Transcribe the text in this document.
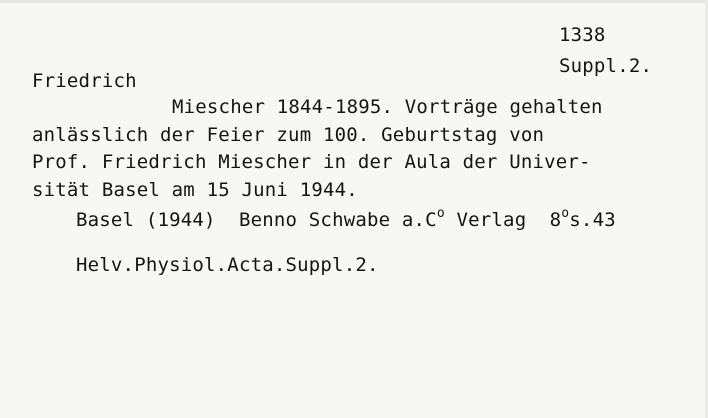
1338
Suppl.2.
Friedrich
Miescher 1844-1895. Vorträge gehalten
anlässlich der Feier zum 100. Geburtstag von
Prof. Friedrich Miescher in der Aula der Univer-
sität Basel am 15 Juni 1944.
Basel (1944) Benno Schwabe $a.C^o$ Verlag 8$^o$s.43
Helv.Physiol.Acta.Suppl.2.
